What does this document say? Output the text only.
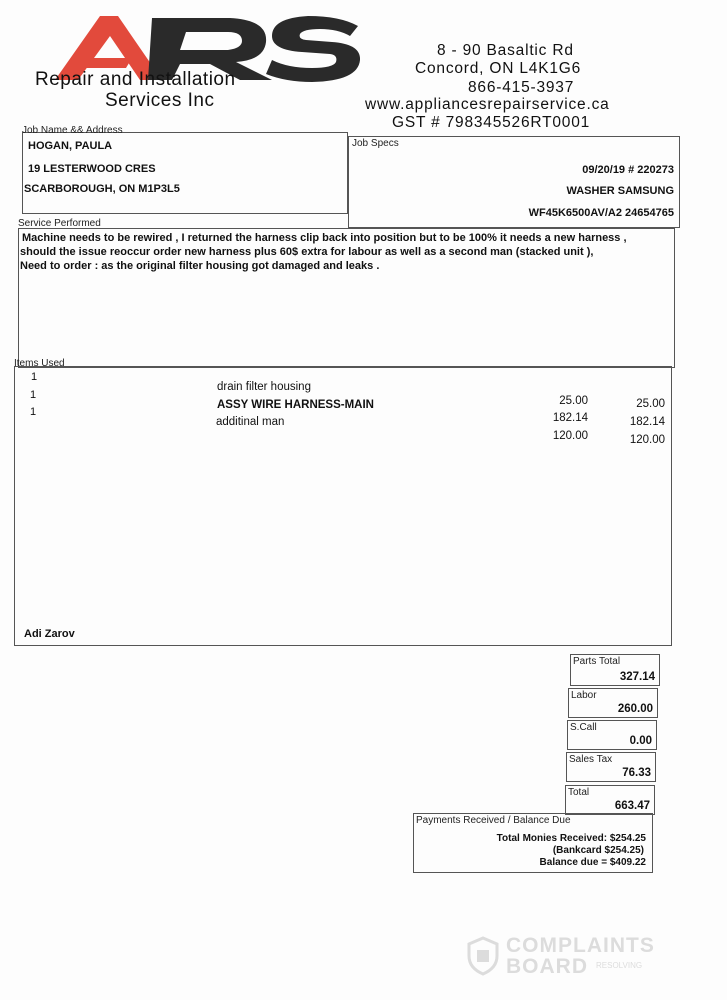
Repair and Installation
Services Inc
8 - 90 Basaltic Rd
Concord, ON L4K1G6
866-415-3937
www.appliancesrepairservice.ca
GST # 798345526RT0001
Job Name && Address
HOGAN, PAULA
19 LESTERWOOD CRES
SCARBOROUGH, ON M1P3L5
Job Specs
09/20/19 # 220273
WASHER SAMSUNG
WF45K6500AV/A2 24654765
Service Performed
Machine needs to be rewired , I returned the harness clip back into position but to be 100% it needs a new harness ,
should the issue reoccur order new harness plus 60$ extra for labour as well as a second man (stacked unit ),
Need to order : as the original filter housing got damaged and leaks .
Items Used
1
drain filter housing
25.00	25.00
1
ASSY WIRE HARNESS-MAIN
182.14	182.14
1
additinal man
120.00	120.00
Adi Zarov
Parts Total
327.14
Labor
260.00
S.Call
0.00
Sales Tax
76.33
Total
663.47
Payments Received / Balance Due
Total Monies Received: $254.25
(Bankcard $254.25)
Balance due = $409.22
COMPLAINTS
BOARD RESOLVING
